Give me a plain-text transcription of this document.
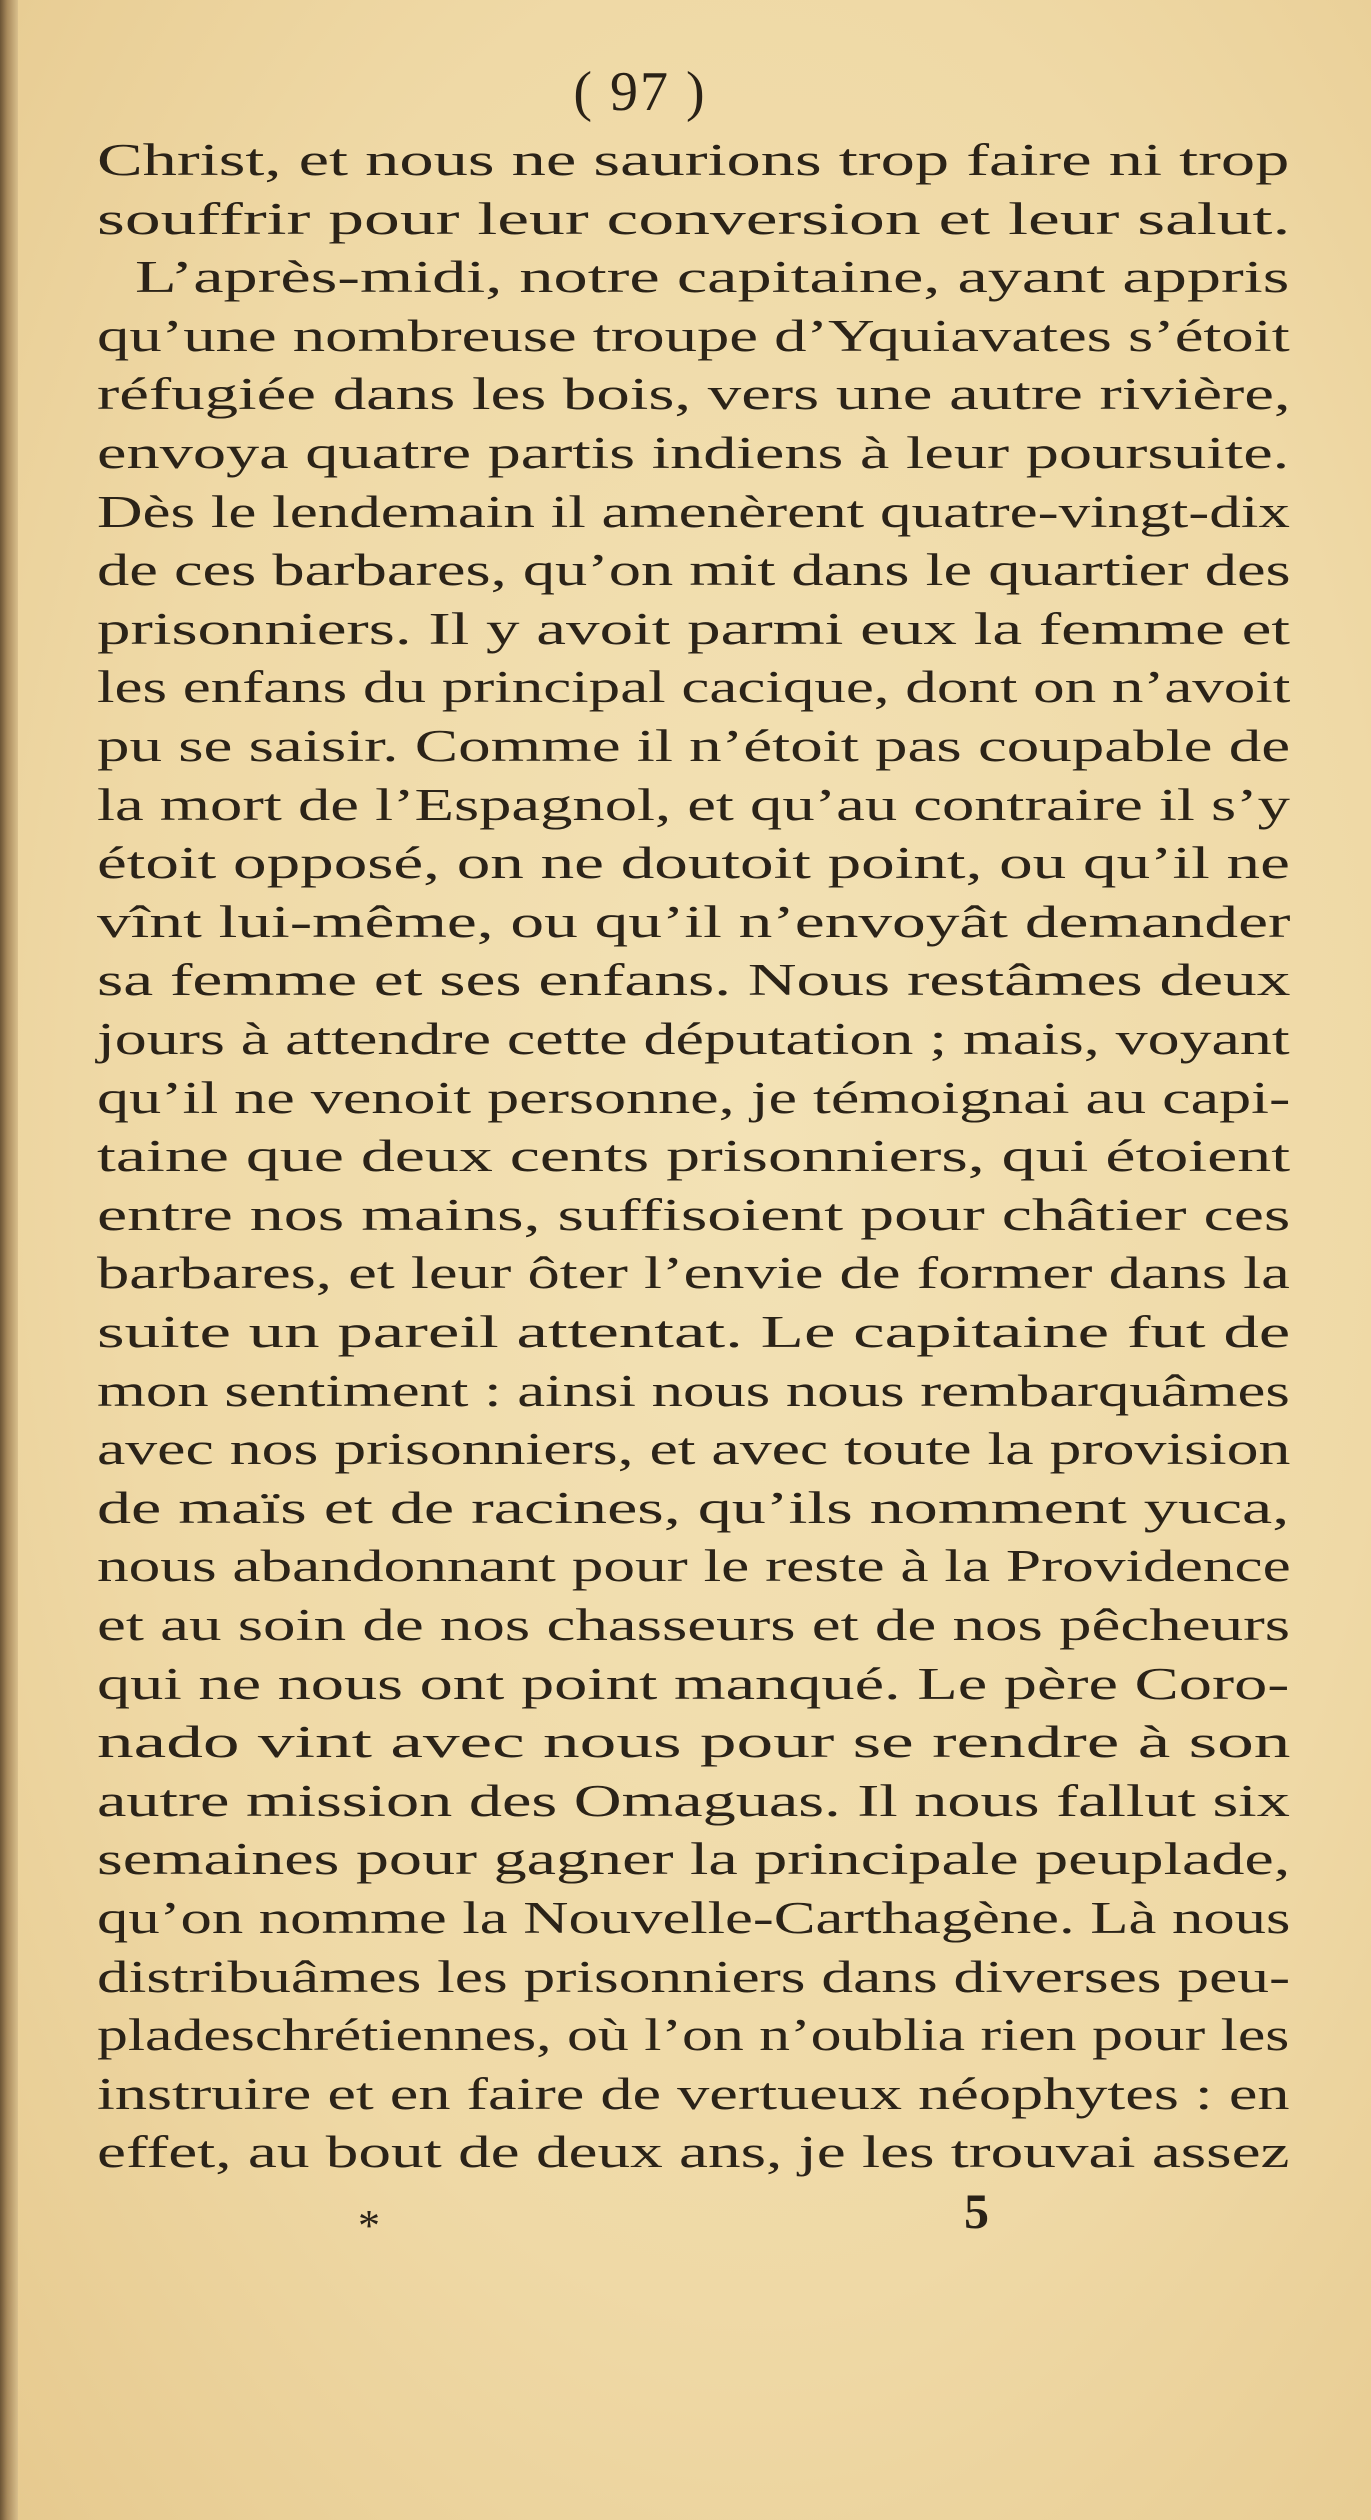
( 97 )
Christ, et nous ne saurions trop faire ni trop
souffrir pour leur conversion et leur salut.
L’après-midi, notre capitaine, ayant appris
qu’une nombreuse troupe d’Yquiavates s’étoit
réfugiée dans les bois, vers une autre rivière,
envoya quatre partis indiens à leur poursuite.
Dès le lendemain il amenèrent quatre-vingt-dix
de ces barbares, qu’on mit dans le quartier des
prisonniers. Il y avoit parmi eux la femme et
les enfans du principal cacique, dont on n’avoit
pu se saisir. Comme il n’étoit pas coupable de
la mort de l’Espagnol, et qu’au contraire il s’y
étoit opposé, on ne doutoit point, ou qu’il ne
vînt lui-même, ou qu’il n’envoyât demander
sa femme et ses enfans. Nous restâmes deux
jours à attendre cette députation ; mais, voyant
qu’il ne venoit personne, je témoignai au capi-
taine que deux cents prisonniers, qui étoient
entre nos mains, suffisoient pour châtier ces
barbares, et leur ôter l’envie de former dans la
suite un pareil attentat. Le capitaine fut de
mon sentiment : ainsi nous nous rembarquâmes
avec nos prisonniers, et avec toute la provision
de maïs et de racines, qu’ils nomment yuca,
nous abandonnant pour le reste à la Providence
et au soin de nos chasseurs et de nos pêcheurs
qui ne nous ont point manqué. Le père Coro-
nado vint avec nous pour se rendre à son
autre mission des Omaguas. Il nous fallut six
semaines pour gagner la principale peuplade,
qu’on nomme la Nouvelle-Carthagène. Là nous
distribuâmes les prisonniers dans diverses peu-
pladeschrétiennes, où l’on n’oublia rien pour les
instruire et en faire de vertueux néophytes : en
effet, au bout de deux ans, je les trouvai assez
*	5
